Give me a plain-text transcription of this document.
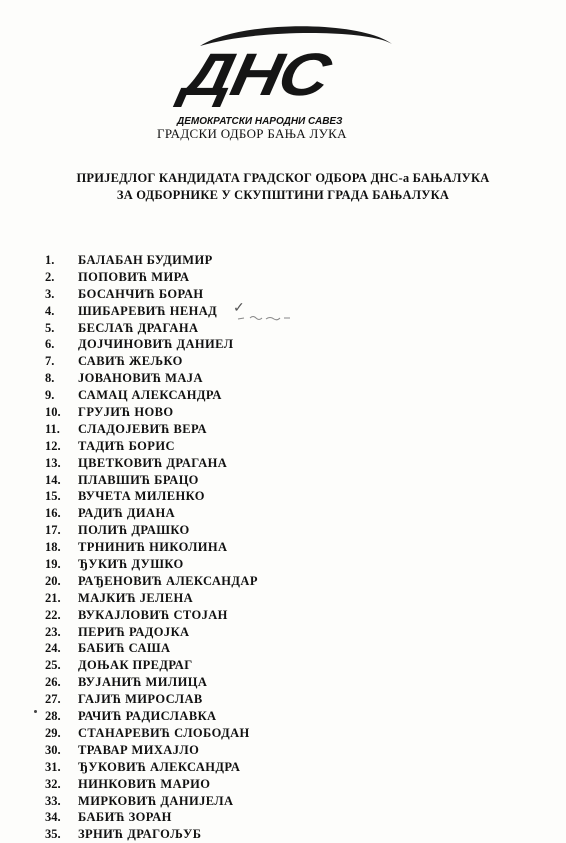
ДНС
ДЕМОКРАТСКИ НАРОДНИ САВЕЗ
ГРАДСКИ ОДБОР БАЊА ЛУКА
ПРИЈЕДЛОГ КАНДИДАТА ГРАДСКОГ ОДБОРА ДНС-а БАЊАЛУКА
ЗА ОДБОРНИКЕ У СКУПШТИНИ ГРАДА БАЊАЛУКА
1. БАЛАБАН БУДИМИР
2. ПОПОВИЋ МИРА
3. БОСАНЧИЋ БОРАН
4. ШИБАРЕВИЋ НЕНАД
5. БЕСЛАЋ ДРАГАНА
6. ДОЈЧИНОВИЋ ДАНИЕЛ
7. САВИЋ ЖЕЉКО
8. ЈОВАНОВИЋ МАЈА
9. САМАЦ АЛЕКСАНДРА
10. ГРУЈИЋ НОВО
11. СЛАДОЈЕВИЋ ВЕРА
12. ТАДИЋ БОРИС
13. ЦВЕТКОВИЋ ДРАГАНА
14. ПЛАВШИЋ БРАЦО
15. ВУЧЕТА МИЛЕНКО
16. РАДИЋ ДИАНА
17. ПОЛИЋ ДРАШКО
18. ТРНИНИЋ НИКОЛИНА
19. ЂУКИЋ ДУШКО
20. РАЂЕНОВИЋ АЛЕКСАНДАР
21. МАЈКИЋ ЈЕЛЕНА
22. ВУКАЈЛОВИЋ СТОЈАН
23. ПЕРИЋ РАДОЈКА
24. БАБИЋ САША
25. ДОЊАК ПРЕДРАГ
26. ВУЈАНИЋ МИЛИЦА
27. ГАЈИЋ МИРОСЛАВ
28. РАЧИЋ РАДИСЛАВКА
29. СТАНАРЕВИЋ СЛОБОДАН
30. ТРАВАР МИХАЈЛО
31. ЂУКОВИЋ АЛЕКСАНДРА
32. НИНКОВИЋ МАРИО
33. МИРКОВИЋ ДАНИЈЕЛА
34. БАБИЋ ЗОРАН
35. ЗРНИЋ ДРАГОЉУБ
✓
